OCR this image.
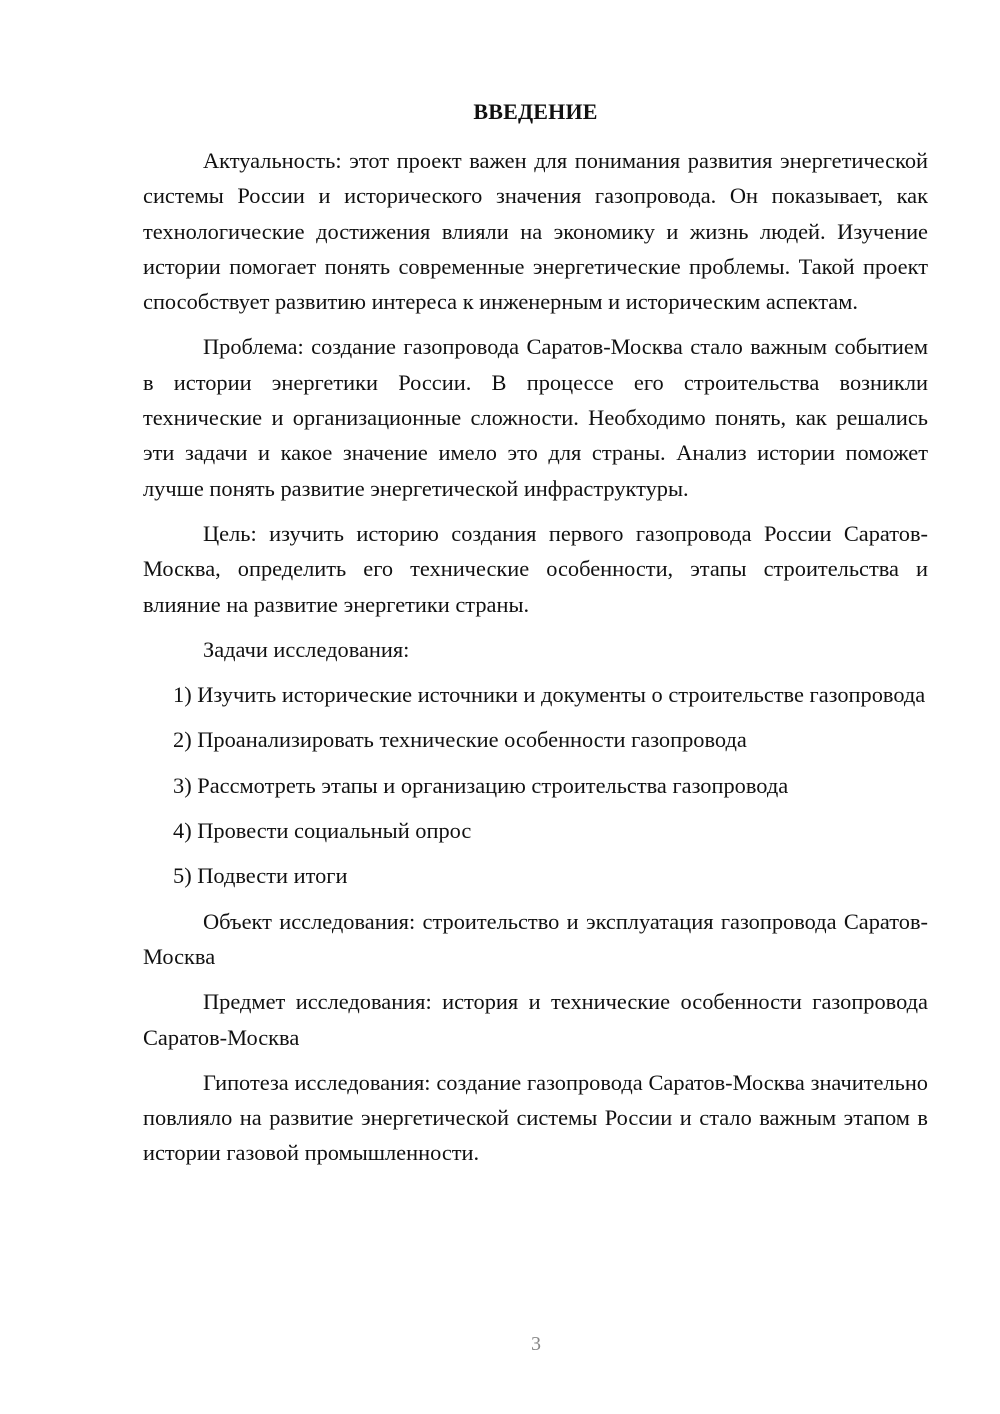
ВВЕДЕНИЕ

Актуальность: этот проект важен для понимания развития энергетической системы России и исторического значения газопровода. Он показывает, как технологические достижения влияли на экономику и жизнь людей. Изучение истории помогает понять современные энергетические проблемы. Такой проект способствует развитию интереса к инженерным и историческим аспектам.

Проблема: создание газопровода Саратов-Москва стало важным событием в истории энергетики России. В процессе его строительства возникли технические и организационные сложности. Необходимо понять, как решались эти задачи и какое значение имело это для страны. Анализ истории поможет лучше понять развитие энергетической инфраструктуры.

Цель: изучить историю создания первого газопровода России Саратов-Москва, определить его технические особенности, этапы строительства и влияние на развитие энергетики страны.

Задачи исследования:

1) Изучить исторические источники и документы о строительстве газопровода

2) Проанализировать технические особенности газопровода

3) Рассмотреть этапы и организацию строительства газопровода

4) Провести социальный опрос

5) Подвести итоги

Объект исследования: строительство и эксплуатация газопровода Саратов-Москва

Предмет исследования: история и технические особенности газопровода Саратов-Москва

Гипотеза исследования: создание газопровода Саратов-Москва значительно повлияло на развитие энергетической системы России и стало важным этапом в истории газовой промышленности.

3
